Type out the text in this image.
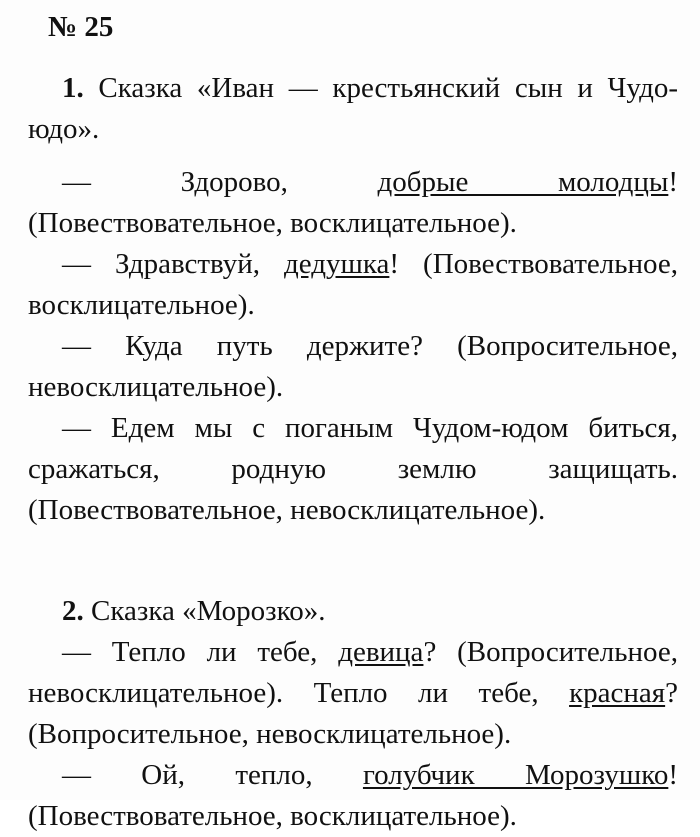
№ 25

1. Сказка «Иван — крестьянский сын и Чудо-юдо».

— Здорово, добрые молодцы! (Повествовательное, восклицательное).

— Здравствуй, дедушка! (Повествовательное, восклицательное).

— Куда путь держите? (Вопросительное, невосклицательное).

— Едем мы с поганым Чудом-юдом биться, сражаться, родную землю защищать. (Повествовательное, невосклицательное).

2. Сказка «Морозко».

— Тепло ли тебе, девица? (Вопросительное, невосклицательное). Тепло ли тебе, красная? (Вопросительное, невосклицательное).

— Ой, тепло, голубчик Морозушко! (Повествовательное, восклицательное).
